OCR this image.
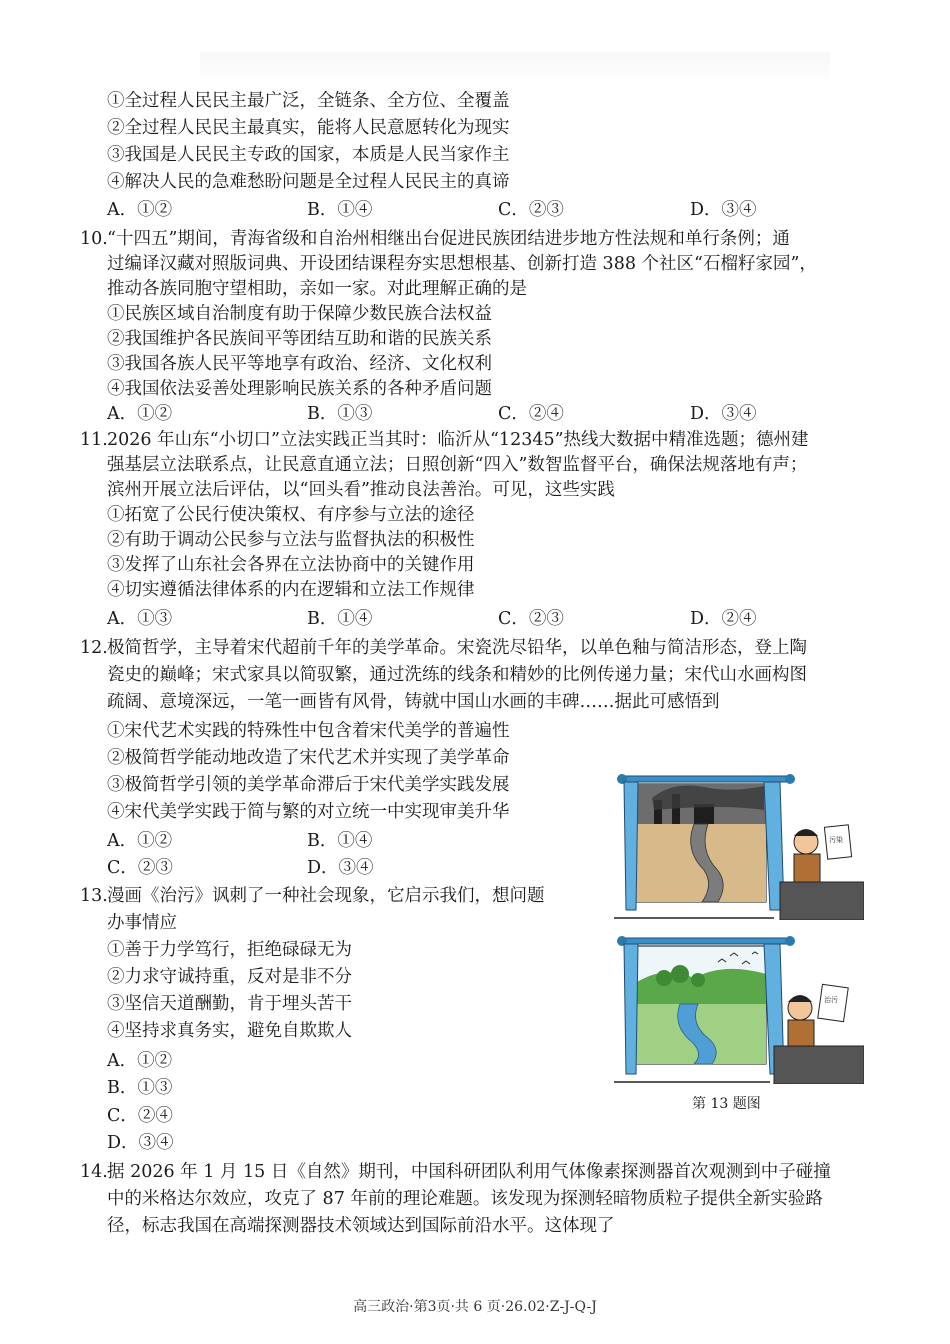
①全过程人民民主最广泛，全链条、全方位、全覆盖
②全过程人民民主最真实，能将人民意愿转化为现实
③我国是人民民主专政的国家，本质是人民当家作主
④解决人民的急难愁盼问题是全过程人民民主的真谛
A．①②	B．①④	C．②③	D．③④
10. “十四五”期间，青海省级和自治州相继出台促进民族团结进步地方性法规和单行条例；通
过编译汉藏对照版词典、开设团结课程夯实思想根基、创新打造 388 个社区“石榴籽家园”，
推动各族同胞守望相助，亲如一家。对此理解正确的是
①民族区域自治制度有助于保障少数民族合法权益
②我国维护各民族间平等团结互助和谐的民族关系
③我国各族人民平等地享有政治、经济、文化权利
④我国依法妥善处理影响民族关系的各种矛盾问题
A．①②	B．①③	C．②④	D．③④
11. 2026 年山东“小切口”立法实践正当其时：临沂从“12345”热线大数据中精准选题；德州建
强基层立法联系点，让民意直通立法；日照创新“四入”数智监督平台，确保法规落地有声；
滨州开展立法后评估，以“回头看”推动良法善治。可见，这些实践
①拓宽了公民行使决策权、有序参与立法的途径
②有助于调动公民参与立法与监督执法的积极性
③发挥了山东社会各界在立法协商中的关键作用
④切实遵循法律体系的内在逻辑和立法工作规律
A．①③	B．①④	C．②③	D．②④
12. 极简哲学，主导着宋代超前千年的美学革命。宋瓷洗尽铅华，以单色釉与简洁形态，登上陶
瓷史的巅峰；宋式家具以简驭繁，通过洗练的线条和精妙的比例传递力量；宋代山水画构图
疏阔、意境深远，一笔一画皆有风骨，铸就中国山水画的丰碑……据此可感悟到
①宋代艺术实践的特殊性中包含着宋代美学的普遍性
②极简哲学能动地改造了宋代艺术并实现了美学革命
③极简哲学引领的美学革命滞后于宋代美学实践发展
④宋代美学实践于简与繁的对立统一中实现审美升华
A．①②	B．①④
C．②③	D．③④
13. 漫画《治污》讽刺了一种社会现象，它启示我们，想问题
办事情应
①善于力学笃行，拒绝碌碌无为
②力求守诚持重，反对是非不分
③坚信天道酬勤，肯于埋头苦干
④坚持求真务实，避免自欺欺人
A．①②
B．①③
C．②④
D．③④
污染
治污
第 13 题图
14. 据 2026 年 1 月 15 日《自然》期刊，中国科研团队利用气体像素探测器首次观测到中子碰撞
中的米格达尔效应，攻克了 87 年前的理论难题。该发现为探测轻暗物质粒子提供全新实验路
径，标志我国在高端探测器技术领域达到国际前沿水平。这体现了
高三政治·第3页·共 6 页·26.02·Z-J-Q-J
